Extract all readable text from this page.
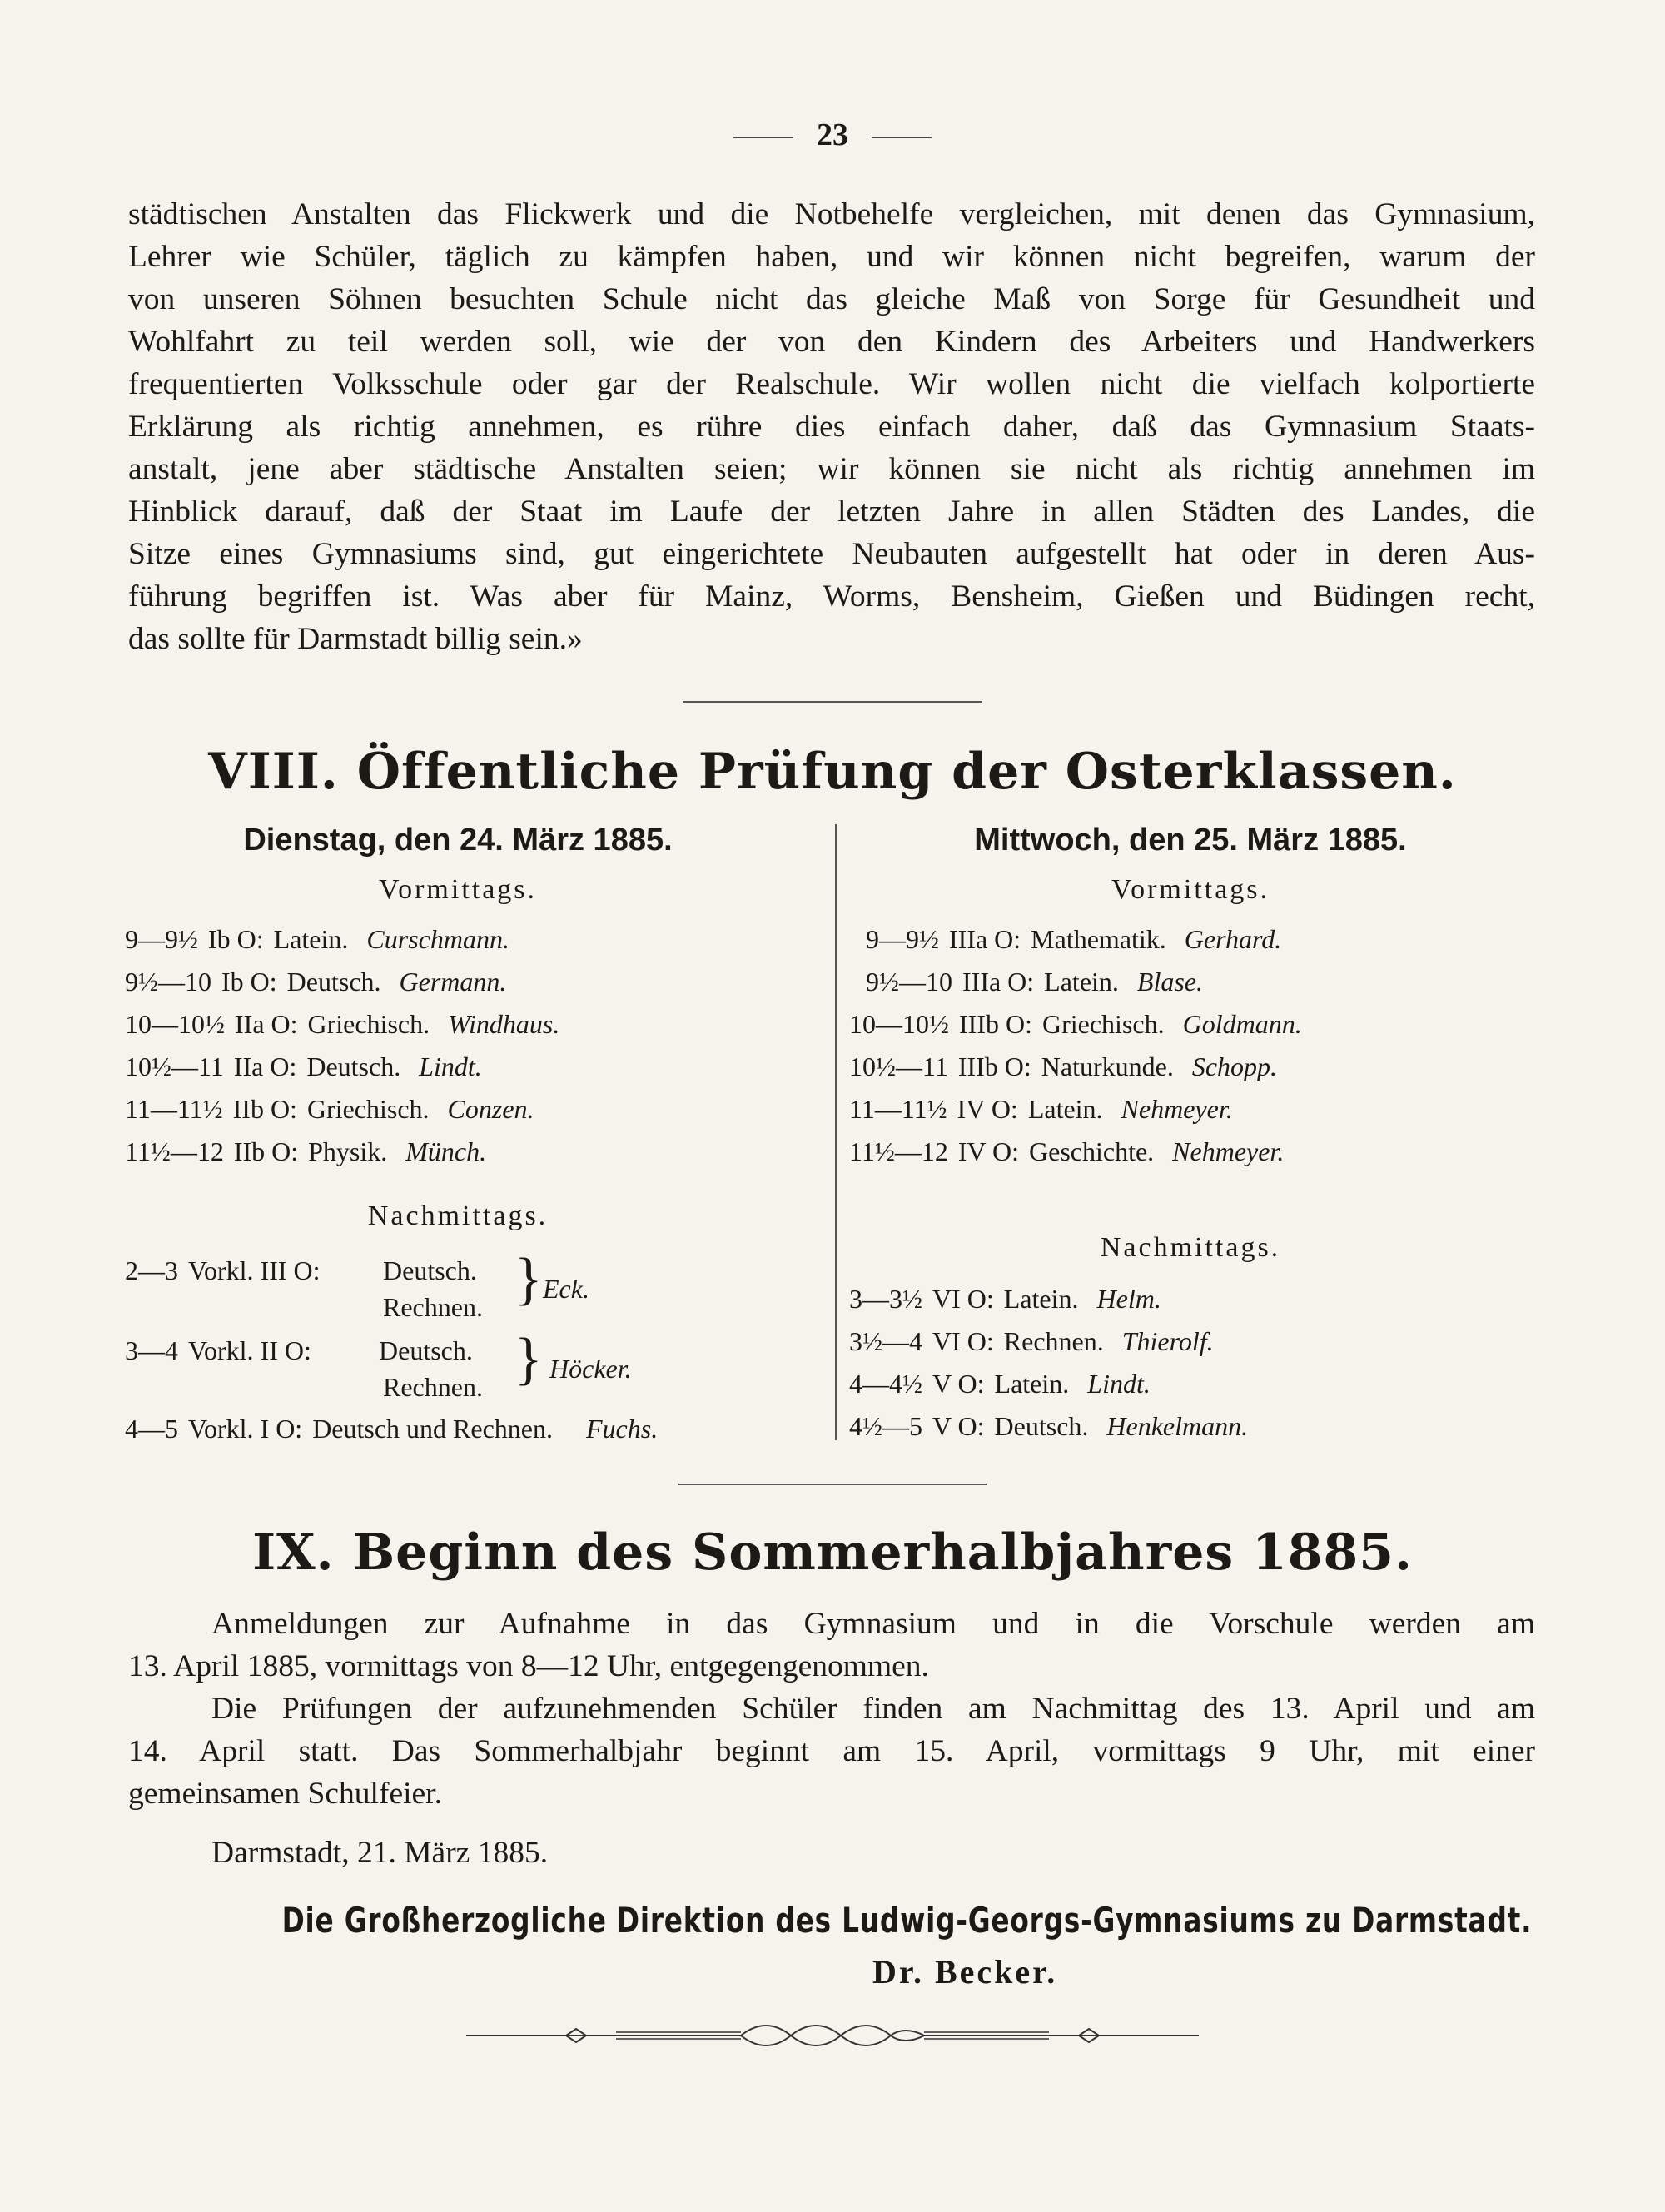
23
städtischen Anstalten das Flickwerk und die Notbehelfe vergleichen, mit denen das Gymnasium,
Lehrer wie Schüler, täglich zu kämpfen haben, und wir können nicht begreifen, warum der
von unseren Söhnen besuchten Schule nicht das gleiche Maß von Sorge für Gesundheit und
Wohlfahrt zu teil werden soll, wie der von den Kindern des Arbeiters und Handwerkers
frequentierten Volksschule oder gar der Realschule. Wir wollen nicht die vielfach kolportierte
Erklärung als richtig annehmen, es rühre dies einfach daher, daß das Gymnasium Staats-
anstalt, jene aber städtische Anstalten seien; wir können sie nicht als richtig annehmen im
Hinblick darauf, daß der Staat im Laufe der letzten Jahre in allen Städten des Landes, die
Sitze eines Gymnasiums sind, gut eingerichtete Neubauten aufgestellt hat oder in deren Aus-
führung begriffen ist. Was aber für Mainz, Worms, Bensheim, Gießen und Büdingen recht,
das sollte für Darmstadt billig sein.»
VIII. Öffentliche Prüfung der Osterklassen.
Dienstag, den 24. März 1885.
Vormittags.
9—9½ Ib O: Latein. Curschmann.
9½—10 Ib O: Deutsch. Germann.
10—10½ IIa O: Griechisch. Windhaus.
10½—11 IIa O: Deutsch. Lindt.
11—11½ IIb O: Griechisch. Conzen.
11½—12 IIb O: Physik. Münch.
Nachmittags.
2—3 Vorkl. III O: Deutsch.
Rechnen. } Eck.
3—4 Vorkl. II O:	Deutsch.
Rechnen. } Höcker.
4—5 Vorkl. I O: Deutsch und Rechnen. Fuchs.
Mittwoch, den 25. März 1885.
Vormittags.
9—9½ IIIa O: Mathematik. Gerhard.
9½—10 IIIa O: Latein. Blase.
10—10½ IIIb O: Griechisch. Goldmann.
10½—11 IIIb O: Naturkunde. Schopp.
11—11½ IV O: Latein. Nehmeyer.
11½—12 IV O: Geschichte. Nehmeyer.
Nachmittags.
3—3½ VI O: Latein. Helm.
3½—4 VI O: Rechnen. Thierolf.
4—4½ V O: Latein. Lindt.
4½—5 V O: Deutsch. Henkelmann.
IX. Beginn des Sommerhalbjahres 1885.
Anmeldungen zur Aufnahme in das Gymnasium und in die Vorschule werden am
13. April 1885, vormittags von 8—12 Uhr, entgegengenommen.
Die Prüfungen der aufzunehmenden Schüler finden am Nachmittag des 13. April und am
14. April statt. Das Sommerhalbjahr beginnt am 15. April, vormittags 9 Uhr, mit einer
gemeinsamen Schulfeier.
Darmstadt, 21. März 1885.
Die Großherzogliche Direktion des Ludwig-Georgs-Gymnasiums zu Darmstadt.
Dr. Becker.
